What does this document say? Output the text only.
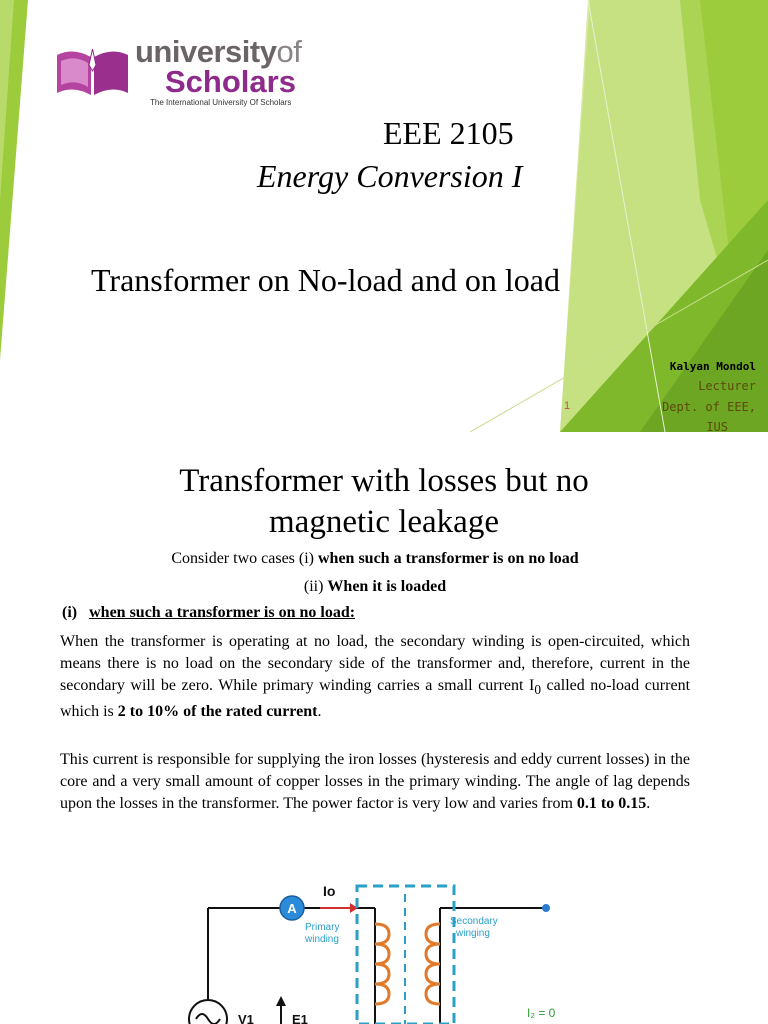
universityof
Scholars
The International University Of Scholars
EEE 2105
Energy Conversion I
Transformer on No-load and on load
Kalyan Mondol
Lecturer
Dept. of EEE,
IUS
1
Transformer with losses but no
magnetic leakage
Consider two cases (i) when such a transformer is on no load
(ii) When it is loaded
(i) when such a transformer is on no load:
When the transformer is operating at no load, the secondary winding is open-circuited, which means there is no load on the secondary side of the transformer and, therefore, current in the secondary will be zero. While primary winding carries a small current $I_0$ called no-load current which is 2 to 10% of the rated current.
This current is responsible for supplying the iron losses (hysteresis and eddy current losses) in the core and a very small amount of copper losses in the primary winding. The angle of lag depends upon the losses in the transformer. The power factor is very low and varies from 0.1 to 0.15.
A
Io
Primary
winding
Secondary
winging
V1	E1	I₂ = 0
